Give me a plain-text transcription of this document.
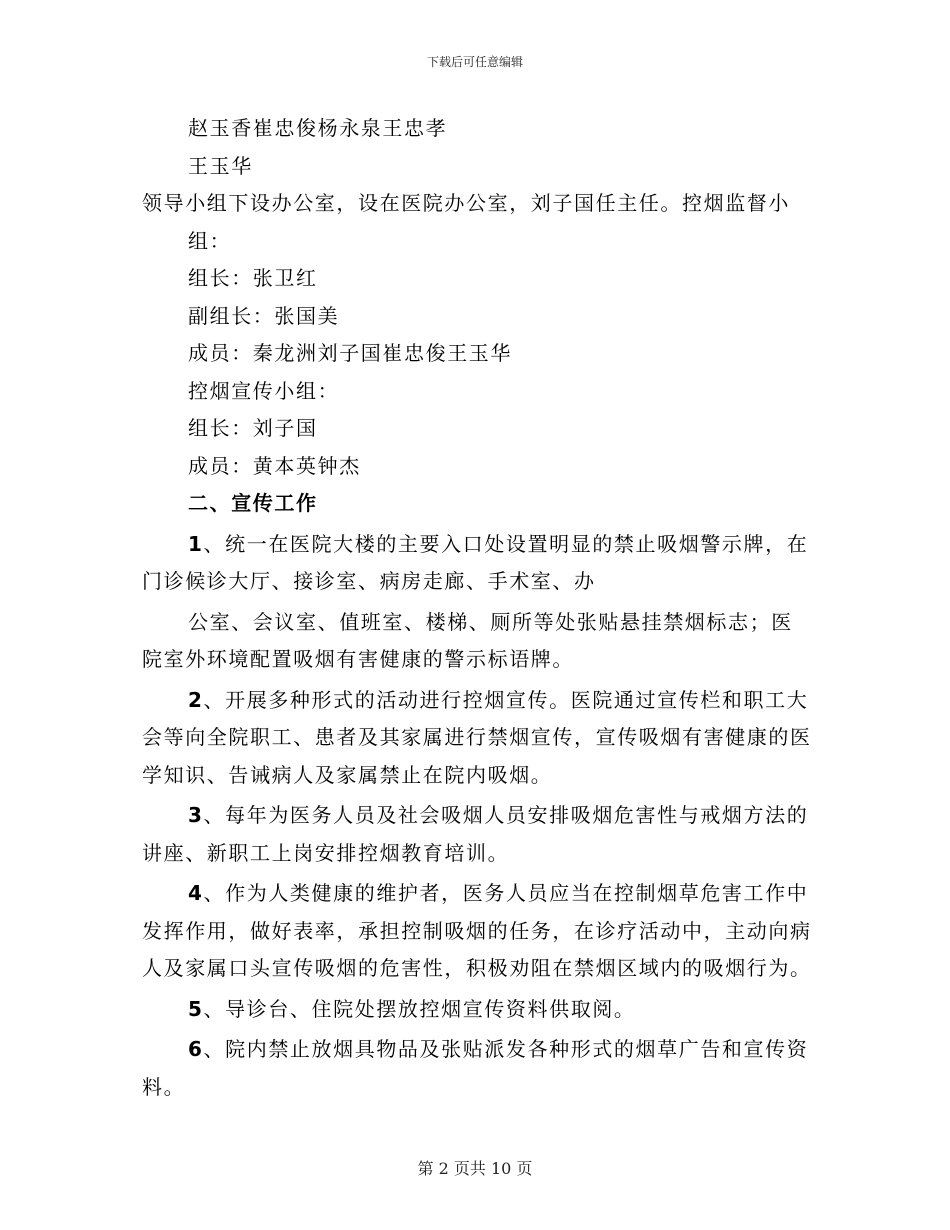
下载后可任意编辑

赵玉香崔忠俊杨永泉王忠孝

王玉华

领导小组下设办公室，设在医院办公室，刘子国任主任。控烟监督小组：

组长：张卫红

副组长：张国美

成员：秦龙洲刘子国崔忠俊王玉华

控烟宣传小组：

组长：刘子国

成员：黄本英钟杰

二、宣传工作

1、统一在医院大楼的主要入口处设置明显的禁止吸烟警示牌，在门诊候诊大厅、接诊室、病房走廊、手术室、办

公室、会议室、值班室、楼梯、厕所等处张贴悬挂禁烟标志；医院室外环境配置吸烟有害健康的警示标语牌。

2、开展多种形式的活动进行控烟宣传。医院通过宣传栏和职工大会等向全院职工、患者及其家属进行禁烟宣传，宣传吸烟有害健康的医学知识、告诫病人及家属禁止在院内吸烟。

3、每年为医务人员及社会吸烟人员安排吸烟危害性与戒烟方法的讲座、新职工上岗安排控烟教育培训。

4、作为人类健康的维护者，医务人员应当在控制烟草危害工作中发挥作用，做好表率，承担控制吸烟的任务，在诊疗活动中，主动向病人及家属口头宣传吸烟的危害性，积极劝阻在禁烟区域内的吸烟行为。

5、导诊台、住院处摆放控烟宣传资料供取阅。

6、院内禁止放烟具物品及张贴派发各种形式的烟草广告和宣传资料。

第 2 页共 10 页
